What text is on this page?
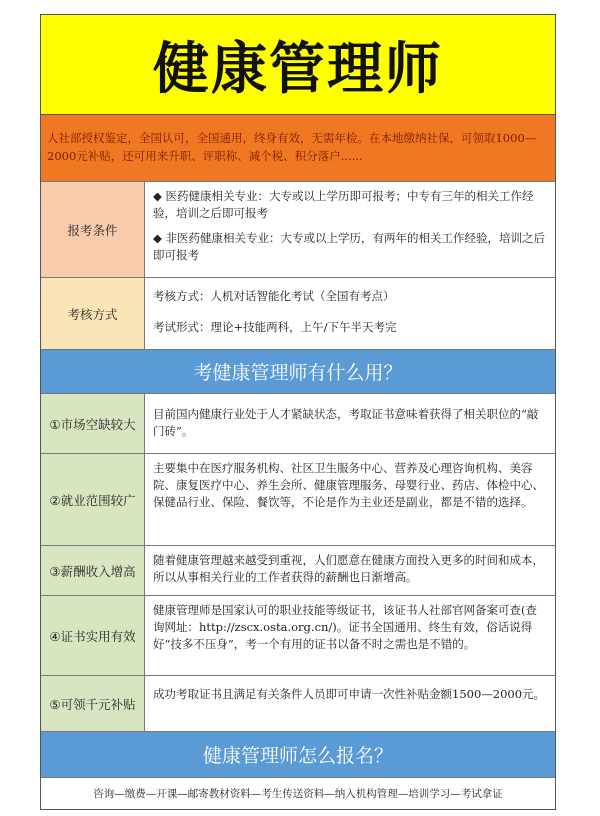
健康管理师
人社部授权鉴定，全国认可，全国通用，终身有效，无需年检。在本地缴纳社保，可领取1000—2000元补贴，还可用来升职、评职称、减个税、积分落户......
报考条件

◆ 医药健康相关专业：大专或以上学历即可报考；中专有三年的相关工作经验，培训之后即可报考

◆ 非医药健康相关专业：大专或以上学历，有两年的相关工作经验，培训之后即可报考

考核方式

考核方式：人机对话智能化考试（全国有考点）

考试形式：理论+技能两科，上午/下午半天考完

考健康管理师有什么用？
①市场空缺较大
目前国内健康行业处于人才紧缺状态，考取证书意味着获得了相关职位的“敲门砖”。
②就业范围较广
主要集中在医疗服务机构、社区卫生服务中心、营养及心理咨询机构、美容院、康复医疗中心、养生会所、健康管理服务、母婴行业、药店、体检中心、保健品行业、保险、餐饮等，不论是作为主业还是副业，都是不错的选择。
③薪酬收入增高
随着健康管理越来越受到重视，人们愿意在健康方面投入更多的时间和成本，所以从事相关行业的工作者获得的薪酬也日渐增高。
④证书实用有效
健康管理师是国家认可的职业技能等级证书，该证书人社部官网备案可查(查询网址：http://zscx.osta.org.cn/)。证书全国通用、终生有效，俗话说得好“技多不压身”，考一个有用的证书以备不时之需也是不错的。
⑤可领千元补贴
成功考取证书且满足有关条件人员即可申请一次性补贴金额1500—2000元。
健康管理师怎么报名？
咨询—缴费—开课—邮寄教材资料—考生传送资料—纳入机构管理—培训学习—考试拿证
